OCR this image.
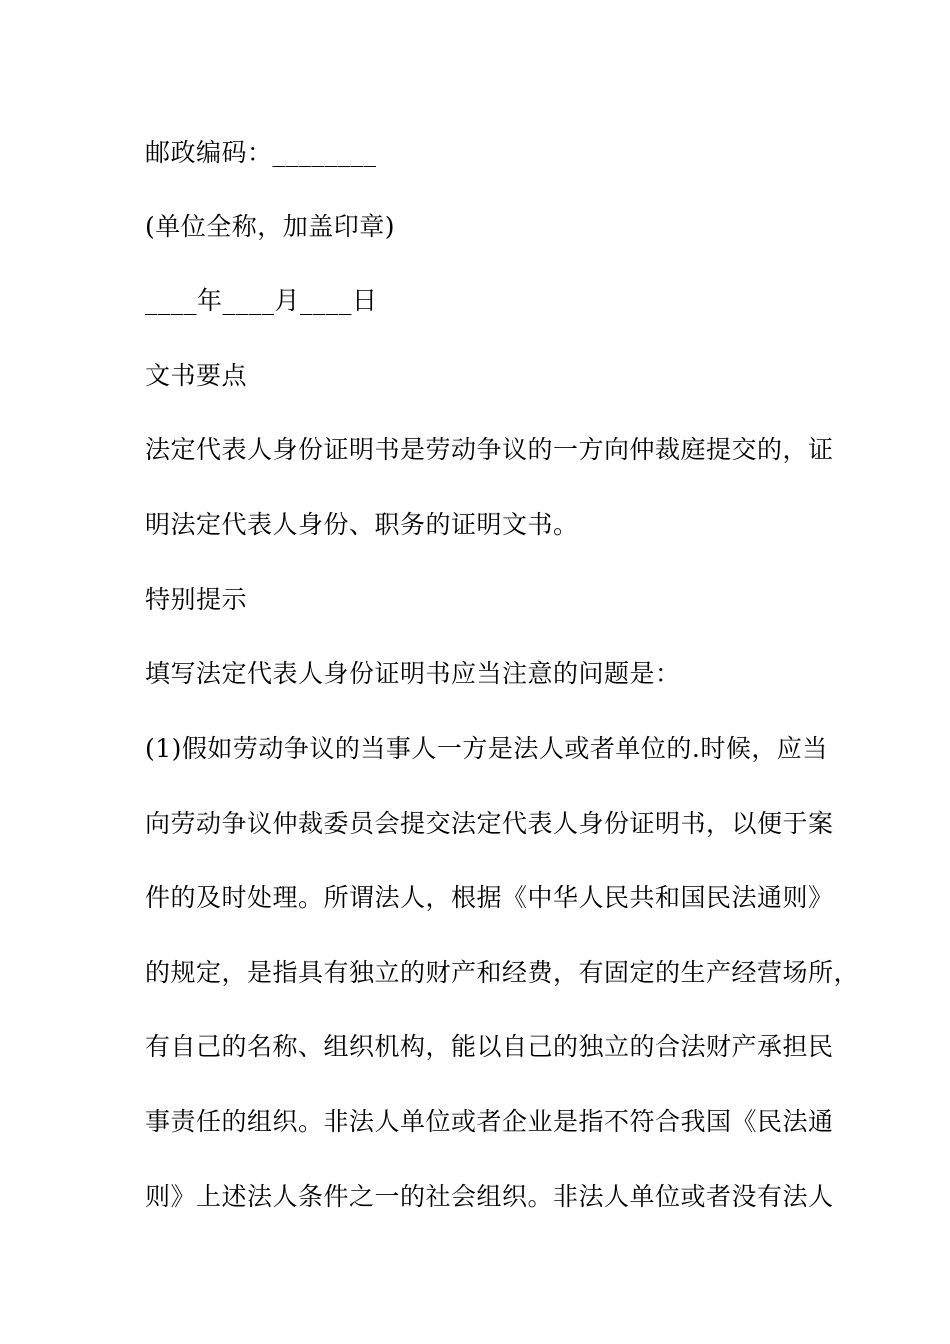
邮政编码：________
(单位全称，加盖印章)
____年____月____日
文书要点
法定代表人身份证明书是劳动争议的一方向仲裁庭提交的，证
明法定代表人身份、职务的证明文书。
特别提示
填写法定代表人身份证明书应当注意的问题是：
(1)假如劳动争议的当事人一方是法人或者单位的.时候，应当
向劳动争议仲裁委员会提交法定代表人身份证明书，以便于案
件的及时处理。所谓法人，根据《中华人民共和国民法通则》
的规定，是指具有独立的财产和经费，有固定的生产经营场所，
有自己的名称、组织机构，能以自己的独立的合法财产承担民
事责任的组织。非法人单位或者企业是指不符合我国《民法通
则》上述法人条件之一的社会组织。非法人单位或者没有法人
